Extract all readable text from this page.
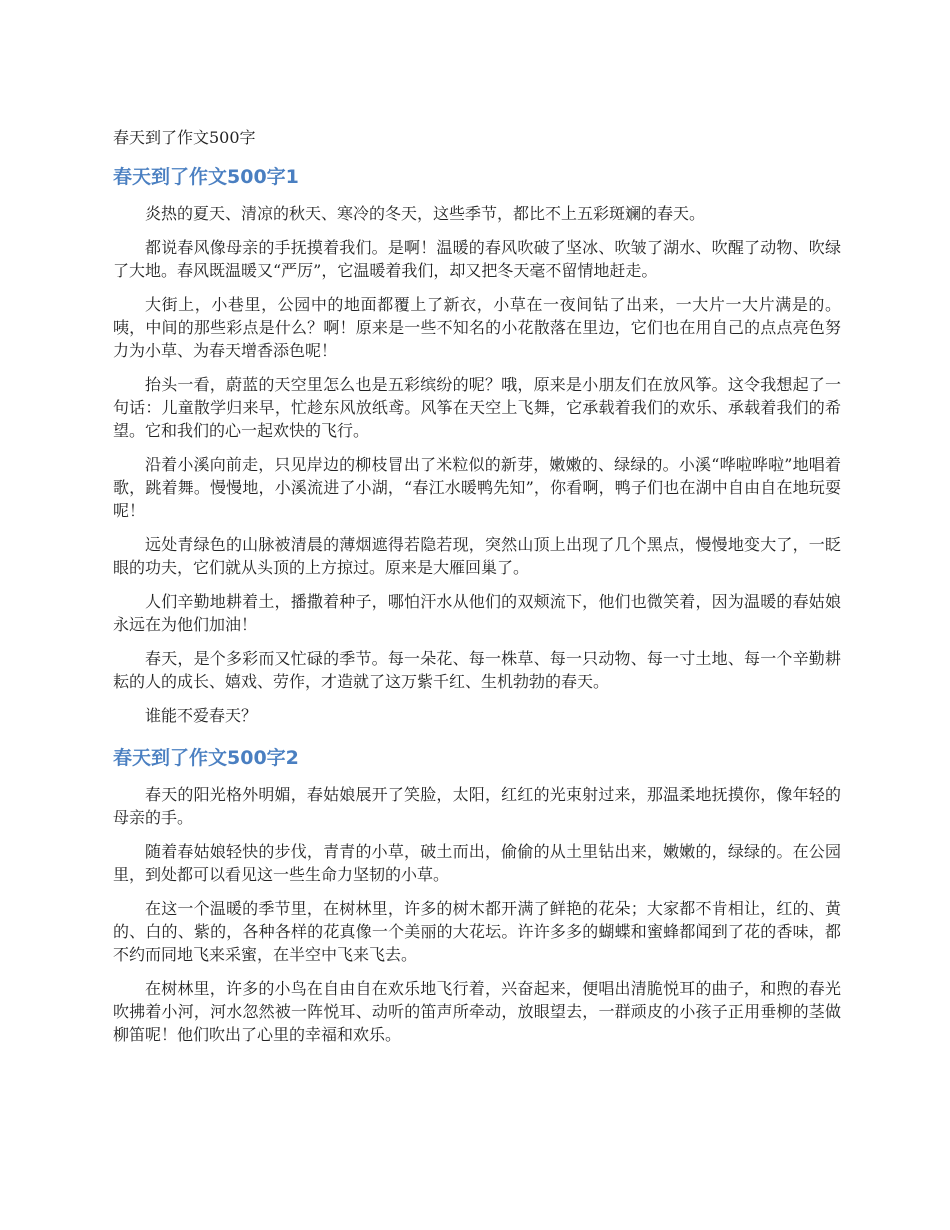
春天到了作文500字
春天到了作文500字1

炎热的夏天、清凉的秋天、寒冷的冬天，这些季节，都比不上五彩斑斓的春天。

都说春风像母亲的手抚摸着我们。是啊！温暖的春风吹破了坚冰、吹皱了湖水、吹醒了动物、吹绿了大地。春风既温暖又“严厉”，它温暖着我们，却又把冬天毫不留情地赶走。

大街上，小巷里，公园中的地面都覆上了新衣，小草在一夜间钻了出来，一大片一大片满是的。咦，中间的那些彩点是什么？啊！原来是一些不知名的小花散落在里边，它们也在用自己的点点亮色努力为小草、为春天增香添色呢！

抬头一看，蔚蓝的天空里怎么也是五彩缤纷的呢？哦，原来是小朋友们在放风筝。这令我想起了一句话：儿童散学归来早，忙趁东风放纸鸢。风筝在天空上飞舞，它承载着我们的欢乐、承载着我们的希望。它和我们的心一起欢快的飞行。

沿着小溪向前走，只见岸边的柳枝冒出了米粒似的新芽，嫩嫩的、绿绿的。小溪“哗啦哗啦”地唱着歌，跳着舞。慢慢地，小溪流进了小湖，“春江水暖鸭先知”，你看啊，鸭子们也在湖中自由自在地玩耍呢！

远处青绿色的山脉被清晨的薄烟遮得若隐若现，突然山顶上出现了几个黑点，慢慢地变大了，一眨眼的功夫，它们就从头顶的上方掠过。原来是大雁回巢了。

人们辛勤地耕着土，播撒着种子，哪怕汗水从他们的双颊流下，他们也微笑着，因为温暖的春姑娘永远在为他们加油！

春天，是个多彩而又忙碌的季节。每一朵花、每一株草、每一只动物、每一寸土地、每一个辛勤耕耘的人的成长、嬉戏、劳作，才造就了这万紫千红、生机勃勃的春天。

谁能不爱春天？

春天到了作文500字2

春天的阳光格外明媚，春姑娘展开了笑脸，太阳，红红的光束射过来，那温柔地抚摸你，像年轻的母亲的手。

随着春姑娘轻快的步伐，青青的小草，破土而出，偷偷的从土里钻出来，嫩嫩的，绿绿的。在公园里，到处都可以看见这一些生命力坚韧的小草。

在这一个温暖的季节里，在树林里，许多的树木都开满了鲜艳的花朵；大家都不肯相让，红的、黄的、白的、紫的，各种各样的花真像一个美丽的大花坛。许许多多的蝴蝶和蜜蜂都闻到了花的香味，都不约而同地飞来采蜜，在半空中飞来飞去。

在树林里，许多的小鸟在自由自在欢乐地飞行着，兴奋起来，便唱出清脆悦耳的曲子，和煦的春光吹拂着小河，河水忽然被一阵悦耳、动听的笛声所牵动，放眼望去，一群顽皮的小孩子正用垂柳的茎做柳笛呢！他们吹出了心里的幸福和欢乐。
